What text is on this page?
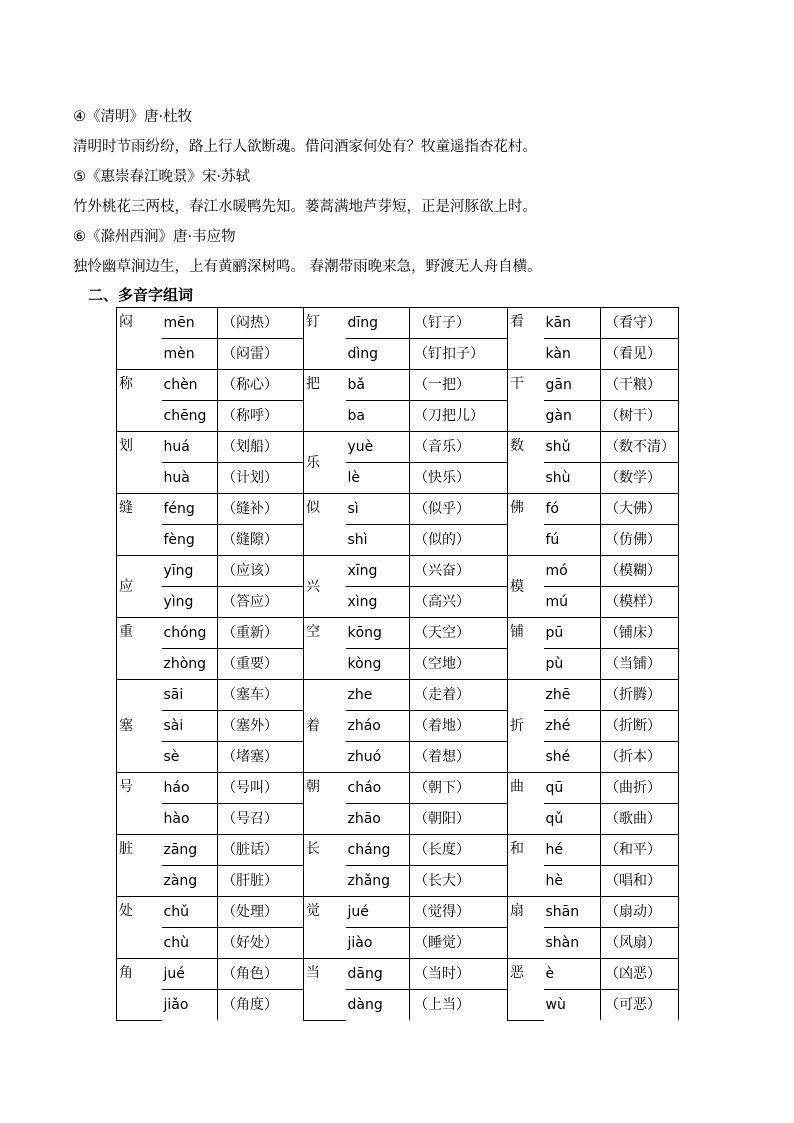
④《清明》唐·杜牧
清明时节雨纷纷，路上行人欲断魂。借问酒家何处有？牧童遥指杏花村。
⑤《惠崇春江晚景》宋·苏轼
竹外桃花三两枝，春江水暖鸭先知。蒌蒿满地芦芽短，正是河豚欲上时。
⑥《滁州西涧》唐·韦应物
独怜幽草涧边生，上有黄鹂深树鸣。 春潮带雨晚来急，野渡无人舟自横。
二、多音字组词
闷	mēn	（闷热）	钉	dīng	（钉子）	看	kān	（看守）
	mèn	（闷雷）		dìng	（钉扣子）		kàn	（看见）
称	chèn	（称心）	把	bǎ	（一把）	干	gān	（干粮）
	chēng	（称呼）		ba	（刀把儿）		gàn	（树干）
划	huá	（划船）	乐	yuè	（音乐）	数	shǔ	（数不清）
	huà	（计划）		lè	（快乐）		shù	（数学）
缝	féng	（缝补）	似	sì	（似乎）	佛	fó	（大佛）
	fèng	（缝隙）		shì	（似的）		fú	（仿佛）
应	yīng	（应该）	兴	xīng	（兴奋）	模	mó	（模糊）
	yìng	（答应）		xìng	（高兴）		mú	（模样）
重	chóng	（重新）	空	kōng	（天空）	铺	pū	（铺床）
	zhòng	（重要）		kòng	（空地）		pù	（当铺）
塞	sāi	（塞车）	着	zhe	（走着）	折	zhē	（折腾）
	sài	（塞外）		zháo	（着地）		zhé	（折断）
	sè	（堵塞）		zhuó	（着想）		shé	（折本）
号	háo	（号叫）	朝	cháo	（朝下）	曲	qū	（曲折）
	hào	（号召）		zhāo	（朝阳）		qǔ	（歌曲）
脏	zāng	（脏话）	长	cháng	（长度）	和	hé	（和平）
	zàng	（肝脏）		zhǎng	（长大）		hè	（唱和）
处	chǔ	（处理）	觉	jué	（觉得）	扇	shān	（扇动）
	chù	（好处）		jiào	（睡觉）		shàn	（风扇）
角	jué	（角色）	当	dāng	（当时）	恶	è	（凶恶）
	jiǎo	（角度）		dàng	（上当）		wù	（可恶）
